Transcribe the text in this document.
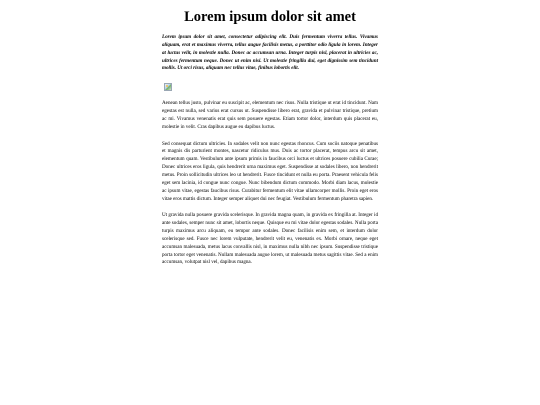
Lorem ipsum dolor sit amet

Lorem ipsum dolor sit amet, consectetur adipiscing elit. Duis fermentum viverra tellus. Vivamus aliquam, erat et maximus viverra, tellus augue facilisis metus, a porttitor odio ligula in lorem. Integer at luctus velit, in molestie nulla. Donec ac accumsan urna. Integer turpis nisl, placerat in ultricies ac, ultrices fermentum neque. Donec ut enim nisi. Ut molestie fringilla dui, eget dignissim sem tincidunt mollis. Ut orci risus, aliquam nec tellus vitae, finibus lobortis elit.

Aenean tellus justo, pulvinar eu suscipit ac, elementum nec risus. Nulla tristique ut erat id tincidunt. Nam egestas est nulla, sed varius erat cursus ut. Suspendisse libero erat, gravida et pulvinar tristique, pretium ac mi. Vivamus venenatis erat quis sem posuere egestas. Etiam tortor dolor, interdum quis placerat eu, molestie in velit. Cras dapibus augue eu dapibus luctus.

Sed consequat dictum ultricies. In sodales velit non nunc egestas rhoncus. Cum sociis natoque penatibus et magnis dis parturient montes, nascetur ridiculus mus. Duis ac tortor placerat, tempus arcu sit amet, elementum quam. Vestibulum ante ipsum primis in faucibus orci luctus et ultrices posuere cubilia Curae; Donec ultrices eros ligula, quis hendrerit urna maximus eget. Suspendisse at sodales libero, non hendrerit metus. Proin sollicitudin ultrices leo ut hendrerit. Fusce tincidunt et nulla eu porta. Praesent vehicula felis eget sem lacinia, id congue nunc congue. Nunc bibendum dictum commodo. Morbi diam lacus, molestie ac ipsum vitae, egestas faucibus risus. Curabitur fermentum elit vitae ullamcorper mollis. Proin eget eros vitae eros mattis dictum. Integer semper aliquet dui nec feugiat. Vestibulum fermentum pharetra sapien.

Ut gravida nulla posuere gravida scelerisque. In gravida magna quam, in gravida ex fringilla at. Integer id ante sodales, semper nunc sit amet, lobortis neque. Quisque eu mi vitae dolor egestas sodales. Nulla porta turpis maximus arcu aliquam, eu tempor ante sodales. Donec facilisis enim sem, et interdum dolor scelerisque sed. Fusce nec lorem vulputate, hendrerit velit eu, venenatis ex. Morbi ornare, neque eget accumsan malesuada, metus lacus convallis nisl, in maximus nulla nibh nec ipsum. Suspendisse tristique porta tortor eget venenatis. Nullam malesuada augue lorem, ut malesuada metus sagittis vitae. Sed a enim accumsan, volutpat nisl vel, dapibus magna.
